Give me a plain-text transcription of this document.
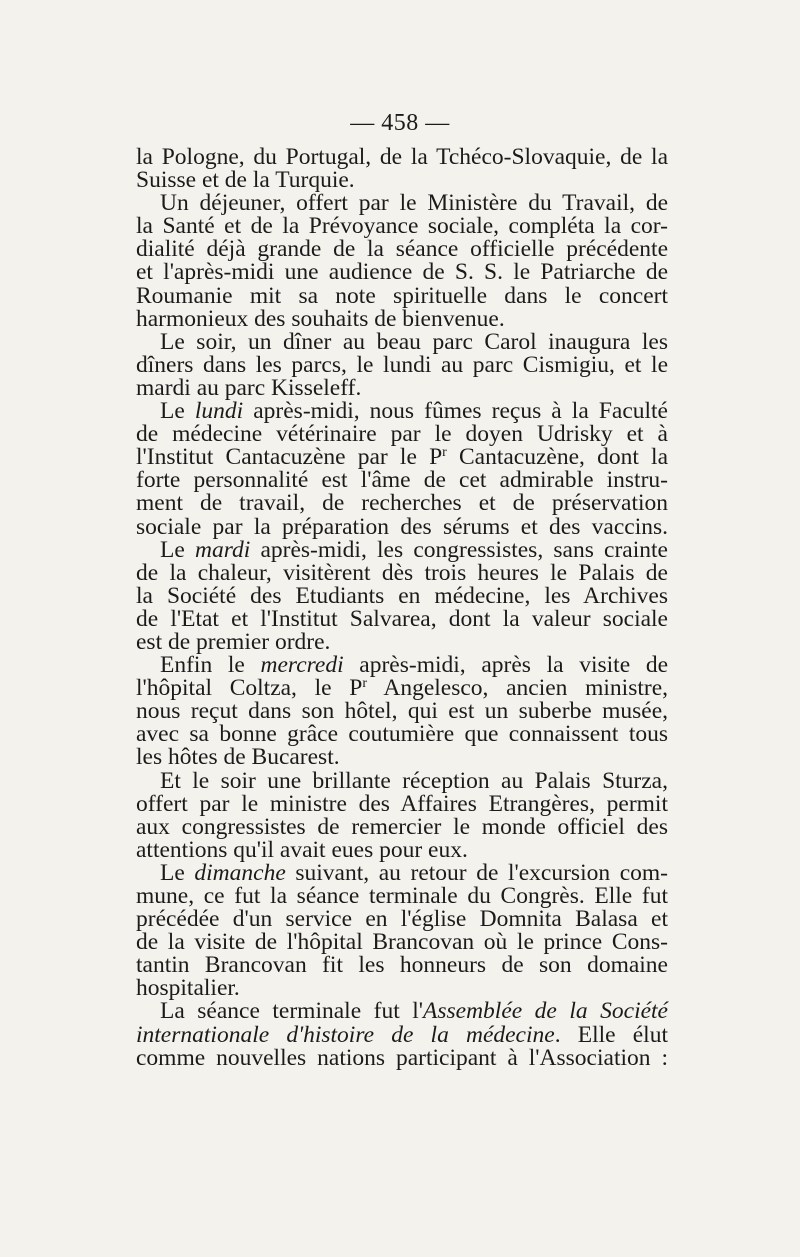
— 458 —
la Pologne, du Portugal, de la Tchéco-Slovaquie, de la
Suisse et de la Turquie.
Un déjeuner, offert par le Ministère du Travail, de
la Santé et de la Prévoyance sociale, compléta la cor-
dialité déjà grande de la séance officielle précédente
et l'après-midi une audience de S. S. le Patriarche de
Roumanie mit sa note spirituelle dans le concert
harmonieux des souhaits de bienvenue.
Le soir, un dîner au beau parc Carol inaugura les
dîners dans les parcs, le lundi au parc Cismigiu, et le
mardi au parc Kisseleff.
Le lundi après-midi, nous fûmes reçus à la Faculté
de médecine vétérinaire par le doyen Udrisky et à
l'Institut Cantacuzène par le $P^r$ Cantacuzène, dont la
forte personnalité est l'âme de cet admirable instru-
ment de travail, de recherches et de préservation
sociale par la préparation des sérums et des vaccins.
Le mardi après-midi, les congressistes, sans crainte
de la chaleur, visitèrent dès trois heures le Palais de
la Société des Etudiants en médecine, les Archives
de l'Etat et l'Institut Salvarea, dont la valeur sociale
est de premier ordre.
Enfin le mercredi après-midi, après la visite de
l'hôpital Coltza, le $P^r$ Angelesco, ancien ministre,
nous reçut dans son hôtel, qui est un suberbe musée,
avec sa bonne grâce coutumière que connaissent tous
les hôtes de Bucarest.
Et le soir une brillante réception au Palais Sturza,
offert par le ministre des Affaires Etrangères, permit
aux congressistes de remercier le monde officiel des
attentions qu'il avait eues pour eux.
Le dimanche suivant, au retour de l'excursion com-
mune, ce fut la séance terminale du Congrès. Elle fut
précédée d'un service en l'église Domnita Balasa et
de la visite de l'hôpital Brancovan où le prince Cons-
tantin Brancovan fit les honneurs de son domaine
hospitalier.
La séance terminale fut l'Assemblée de la Société
internationale d'histoire de la médecine. Elle élut
comme nouvelles nations participant à l'Association :
